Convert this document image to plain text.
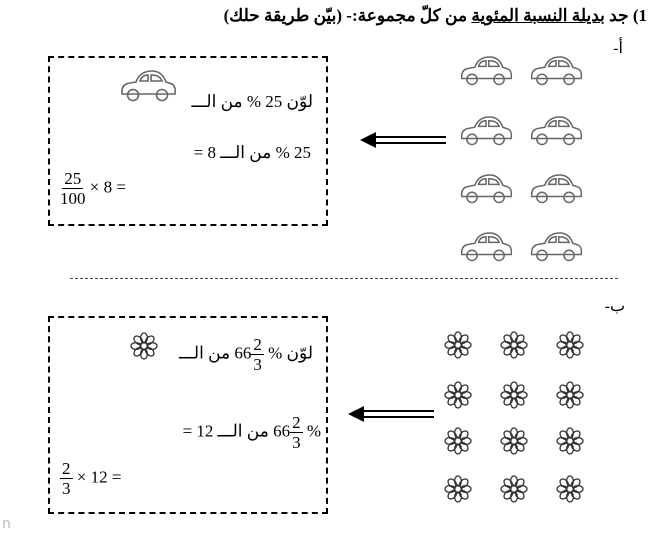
1) جد بديلة النسبة المئوية من كلّ مجموعة:- (بيّن طريقة حلك)
أ-
لوّن 25 % من الـــ
25 % من الـــ 8 =
$\frac{25}{100} \times 8$ =
ب-
لوّن %
$\frac{2}{3}$
66 من الـــ
%
$\frac{2}{3}$
66 من الـــ 12 =
$\frac{2}{3} \times 12$ =
n
